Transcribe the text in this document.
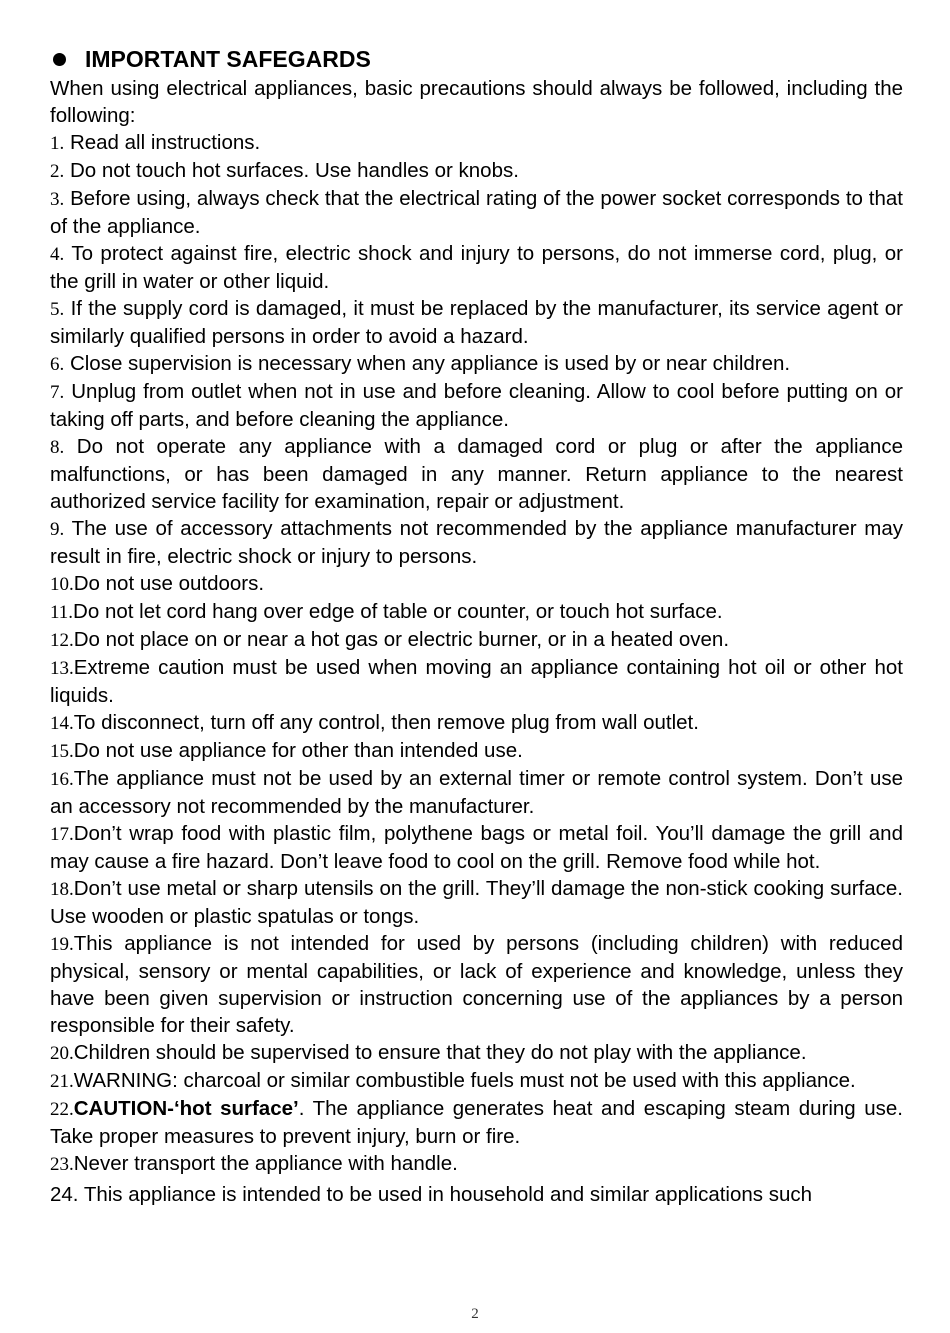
IMPORTANT SAFEGARDS
When using electrical appliances, basic precautions should always be followed, including the following:
1. Read all instructions.
2. Do not touch hot surfaces. Use handles or knobs.
3. Before using, always check that the electrical rating of the power socket corresponds to that of the appliance.
4. To protect against fire, electric shock and injury to persons, do not immerse cord, plug, or the grill in water or other liquid.
5. If the supply cord is damaged, it must be replaced by the manufacturer, its service agent or similarly qualified persons in order to avoid a hazard.
6. Close supervision is necessary when any appliance is used by or near children.
7. Unplug from outlet when not in use and before cleaning. Allow to cool before putting on or taking off parts, and before cleaning the appliance.
8. Do not operate any appliance with a damaged cord or plug or after the appliance malfunctions, or has been damaged in any manner. Return appliance to the nearest authorized service facility for examination, repair or adjustment.
9. The use of accessory attachments not recommended by the appliance manufacturer may result in fire, electric shock or injury to persons.
10.Do not use outdoors.
11.Do not let cord hang over edge of table or counter, or touch hot surface.
12.Do not place on or near a hot gas or electric burner, or in a heated oven.
13.Extreme caution must be used when moving an appliance containing hot oil or other hot liquids.
14.To disconnect, turn off any control, then remove plug from wall outlet.
15.Do not use appliance for other than intended use.
16.The appliance must not be used by an external timer or remote control system. Don’t use an accessory not recommended by the manufacturer.
17.Don’t wrap food with plastic film, polythene bags or metal foil. You’ll damage the grill and may cause a fire hazard. Don’t leave food to cool on the grill. Remove food while hot.
18.Don’t use metal or sharp utensils on the grill. They’ll damage the non-stick cooking surface. Use wooden or plastic spatulas or tongs.
19.This appliance is not intended for used by persons (including children) with reduced physical, sensory or mental capabilities, or lack of experience and knowledge, unless they have been given supervision or instruction concerning use of the appliances by a person responsible for their safety.
20.Children should be supervised to ensure that they do not play with the appliance.
21.WARNING: charcoal or similar combustible fuels must not be used with this appliance.
22.CAUTION-‘hot surface’. The appliance generates heat and escaping steam during use. Take proper measures to prevent injury, burn or fire.
23.Never transport the appliance with handle.
24. This appliance is intended to be used in household and similar applications such
2
